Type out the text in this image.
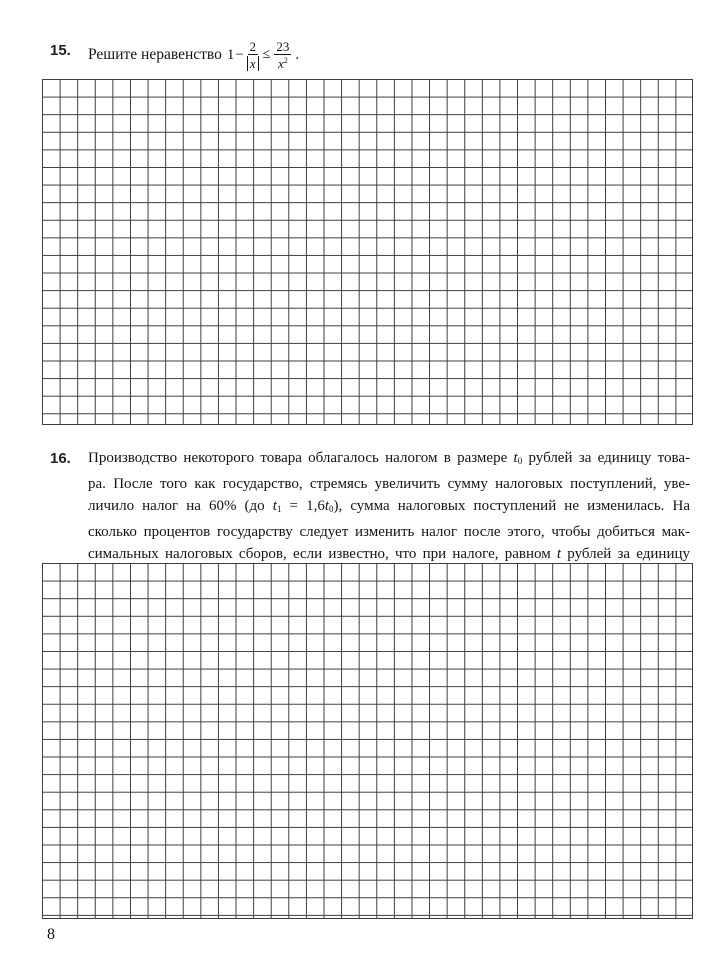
15. Решите неравенство $1 - \frac{2}{x} \le \frac{23}{x^2}$ .
16. Производство некоторого товара облагалось налогом в размере $t_0$ рублей за единицу това-
ра. После того как государство, стремясь увеличить сумму налоговых поступлений, уве-
личило налог на 60% (до $t_1 = 1,6t_0$), сумма налоговых поступлений не изменилась. На
сколько процентов государству следует изменить налог после этого, чтобы добиться мак-
симальных налоговых сборов, если известно, что при налоге, равном t рублей за единицу
8
